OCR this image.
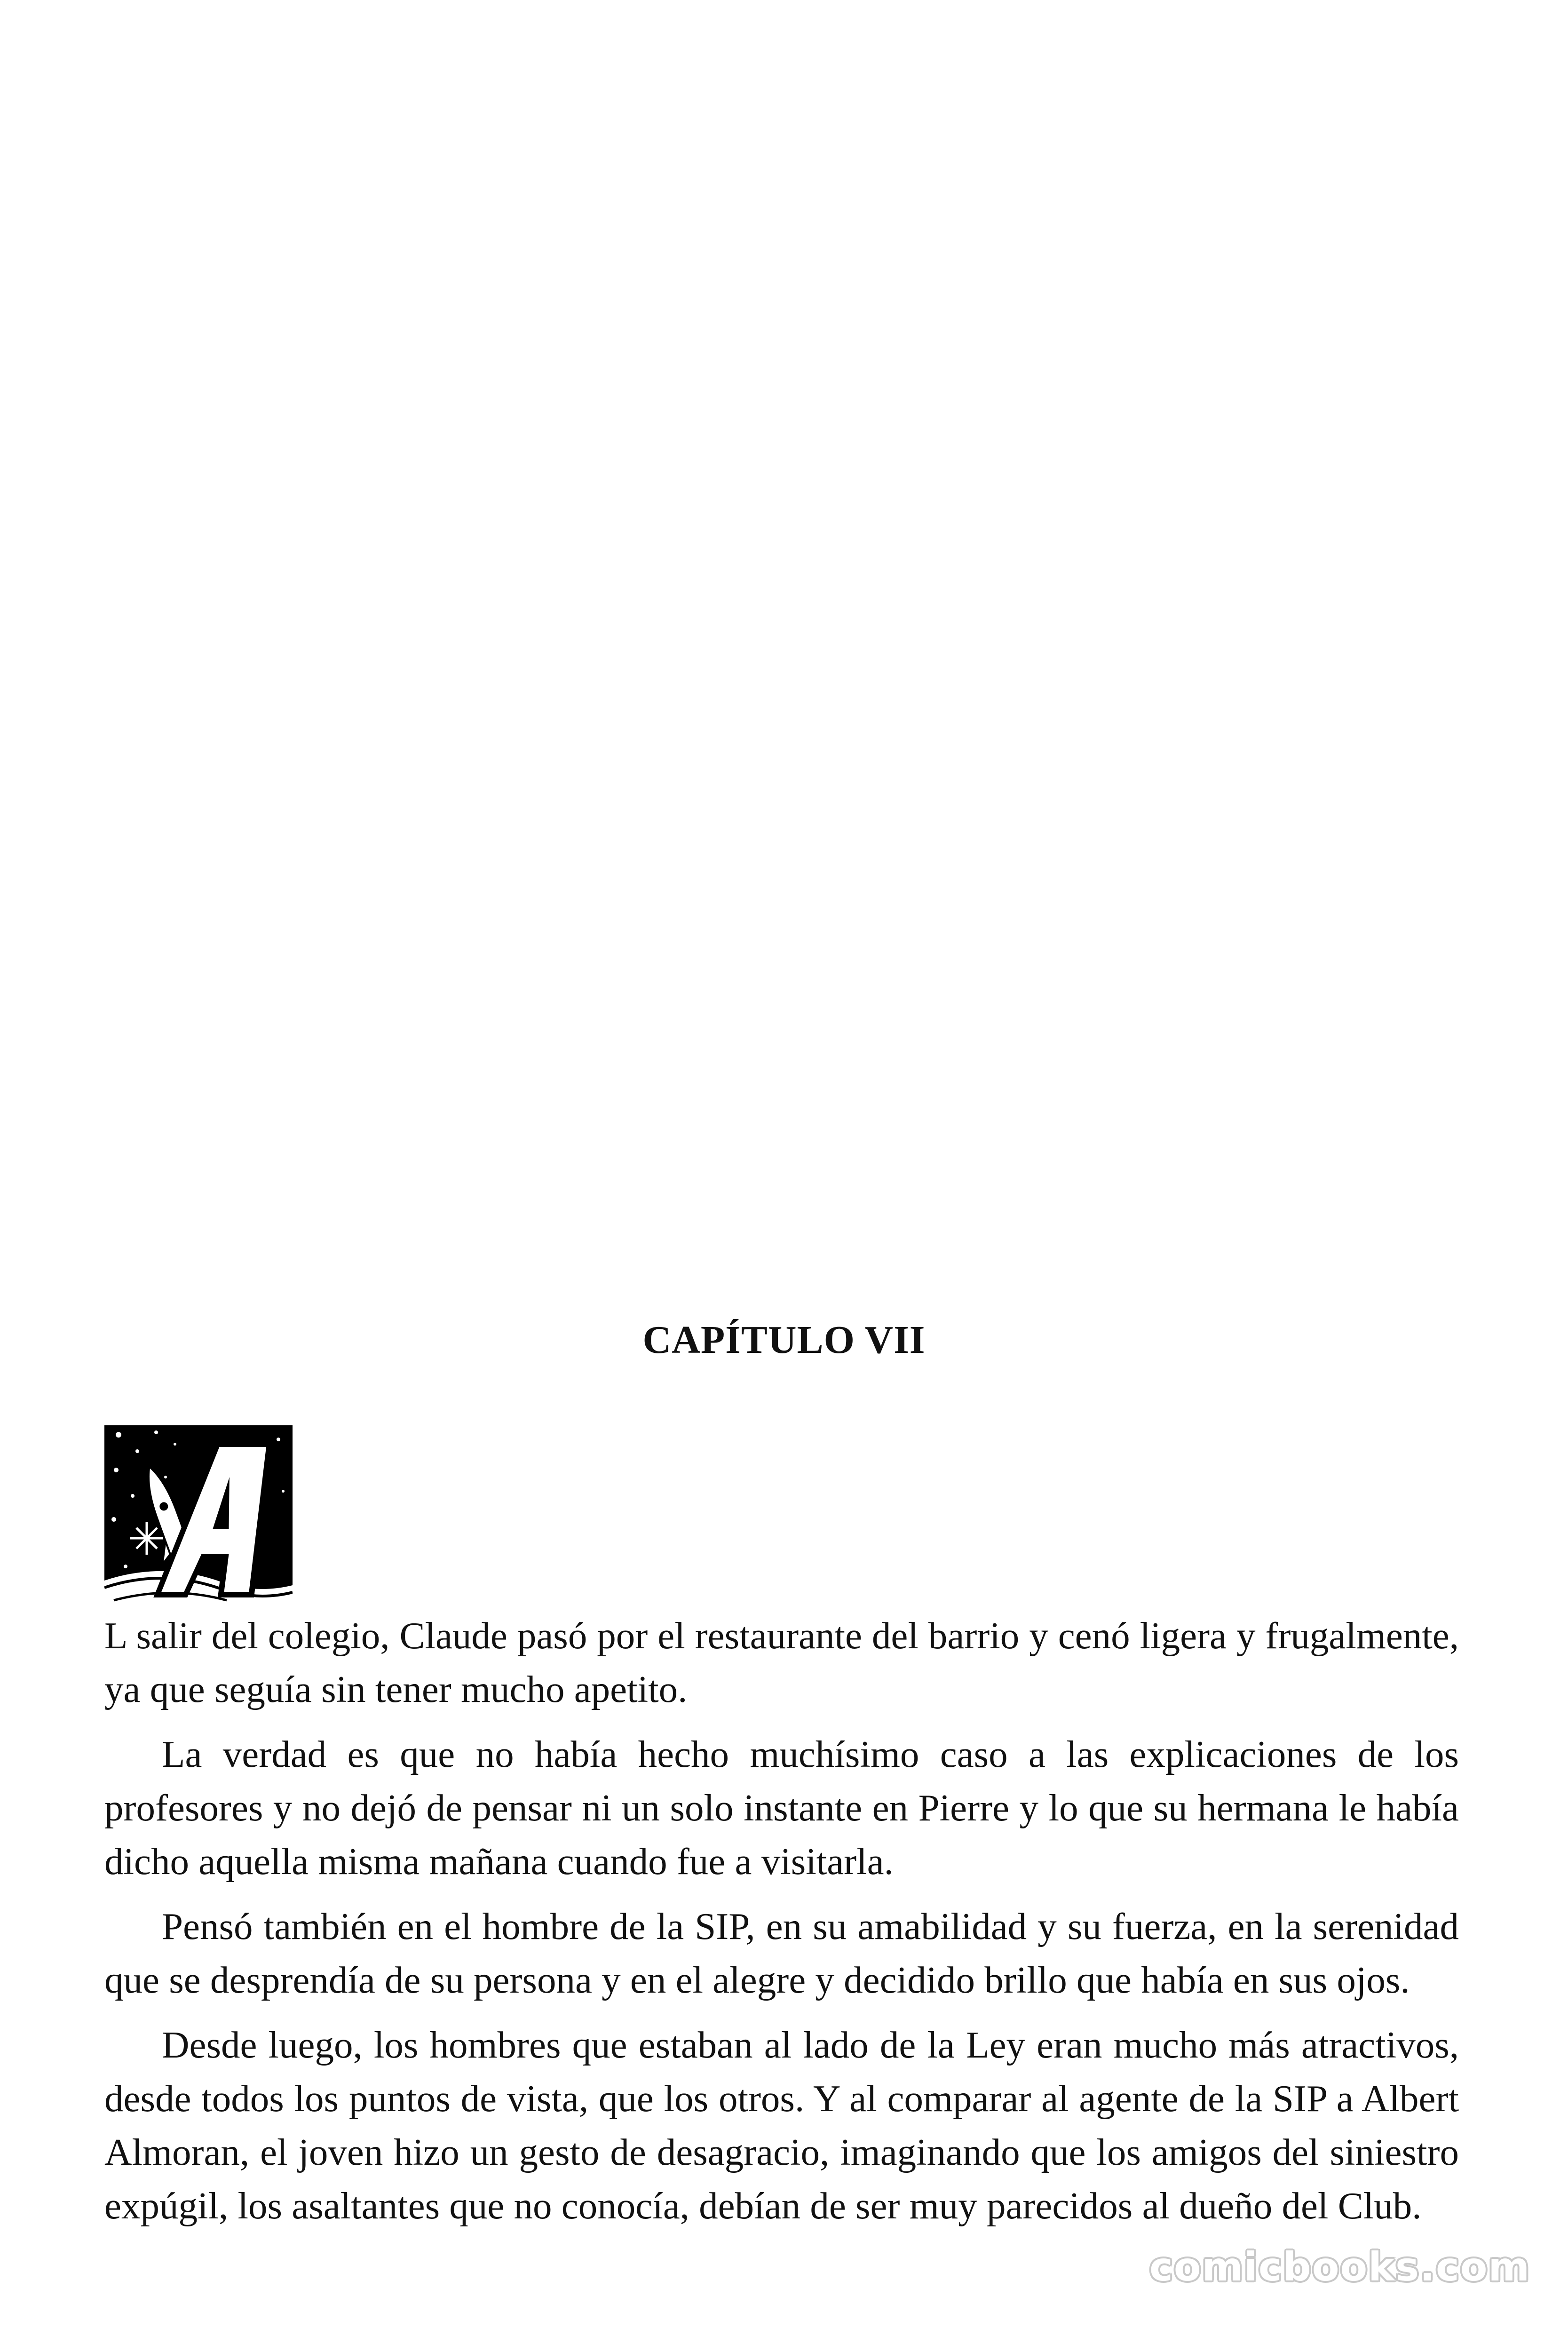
CAPÍTULO VII

L salir del colegio, Claude pasó por el restaurante del barrio y cenó ligera y frugalmente, ya que seguía sin tener mucho apetito.

La verdad es que no había hecho muchísimo caso a las explicaciones de los profesores y no dejó de pensar ni un solo instante en Pierre y lo que su hermana le había dicho aquella misma mañana cuando fue a visitarla.

Pensó también en el hombre de la SIP, en su amabilidad y su fuerza, en la serenidad que se desprendía de su persona y en el alegre y decidido brillo que había en sus ojos.

Desde luego, los hombres que estaban al lado de la Ley eran mucho más atractivos, desde todos los puntos de vista, que los otros. Y al comparar al agente de la SIP a Albert Almoran, el joven hizo un gesto de desagracio, imaginando que los amigos del siniestro expúgil, los asaltantes que no conocía, debían de ser muy parecidos al dueño del Club.

comicbooks.com
